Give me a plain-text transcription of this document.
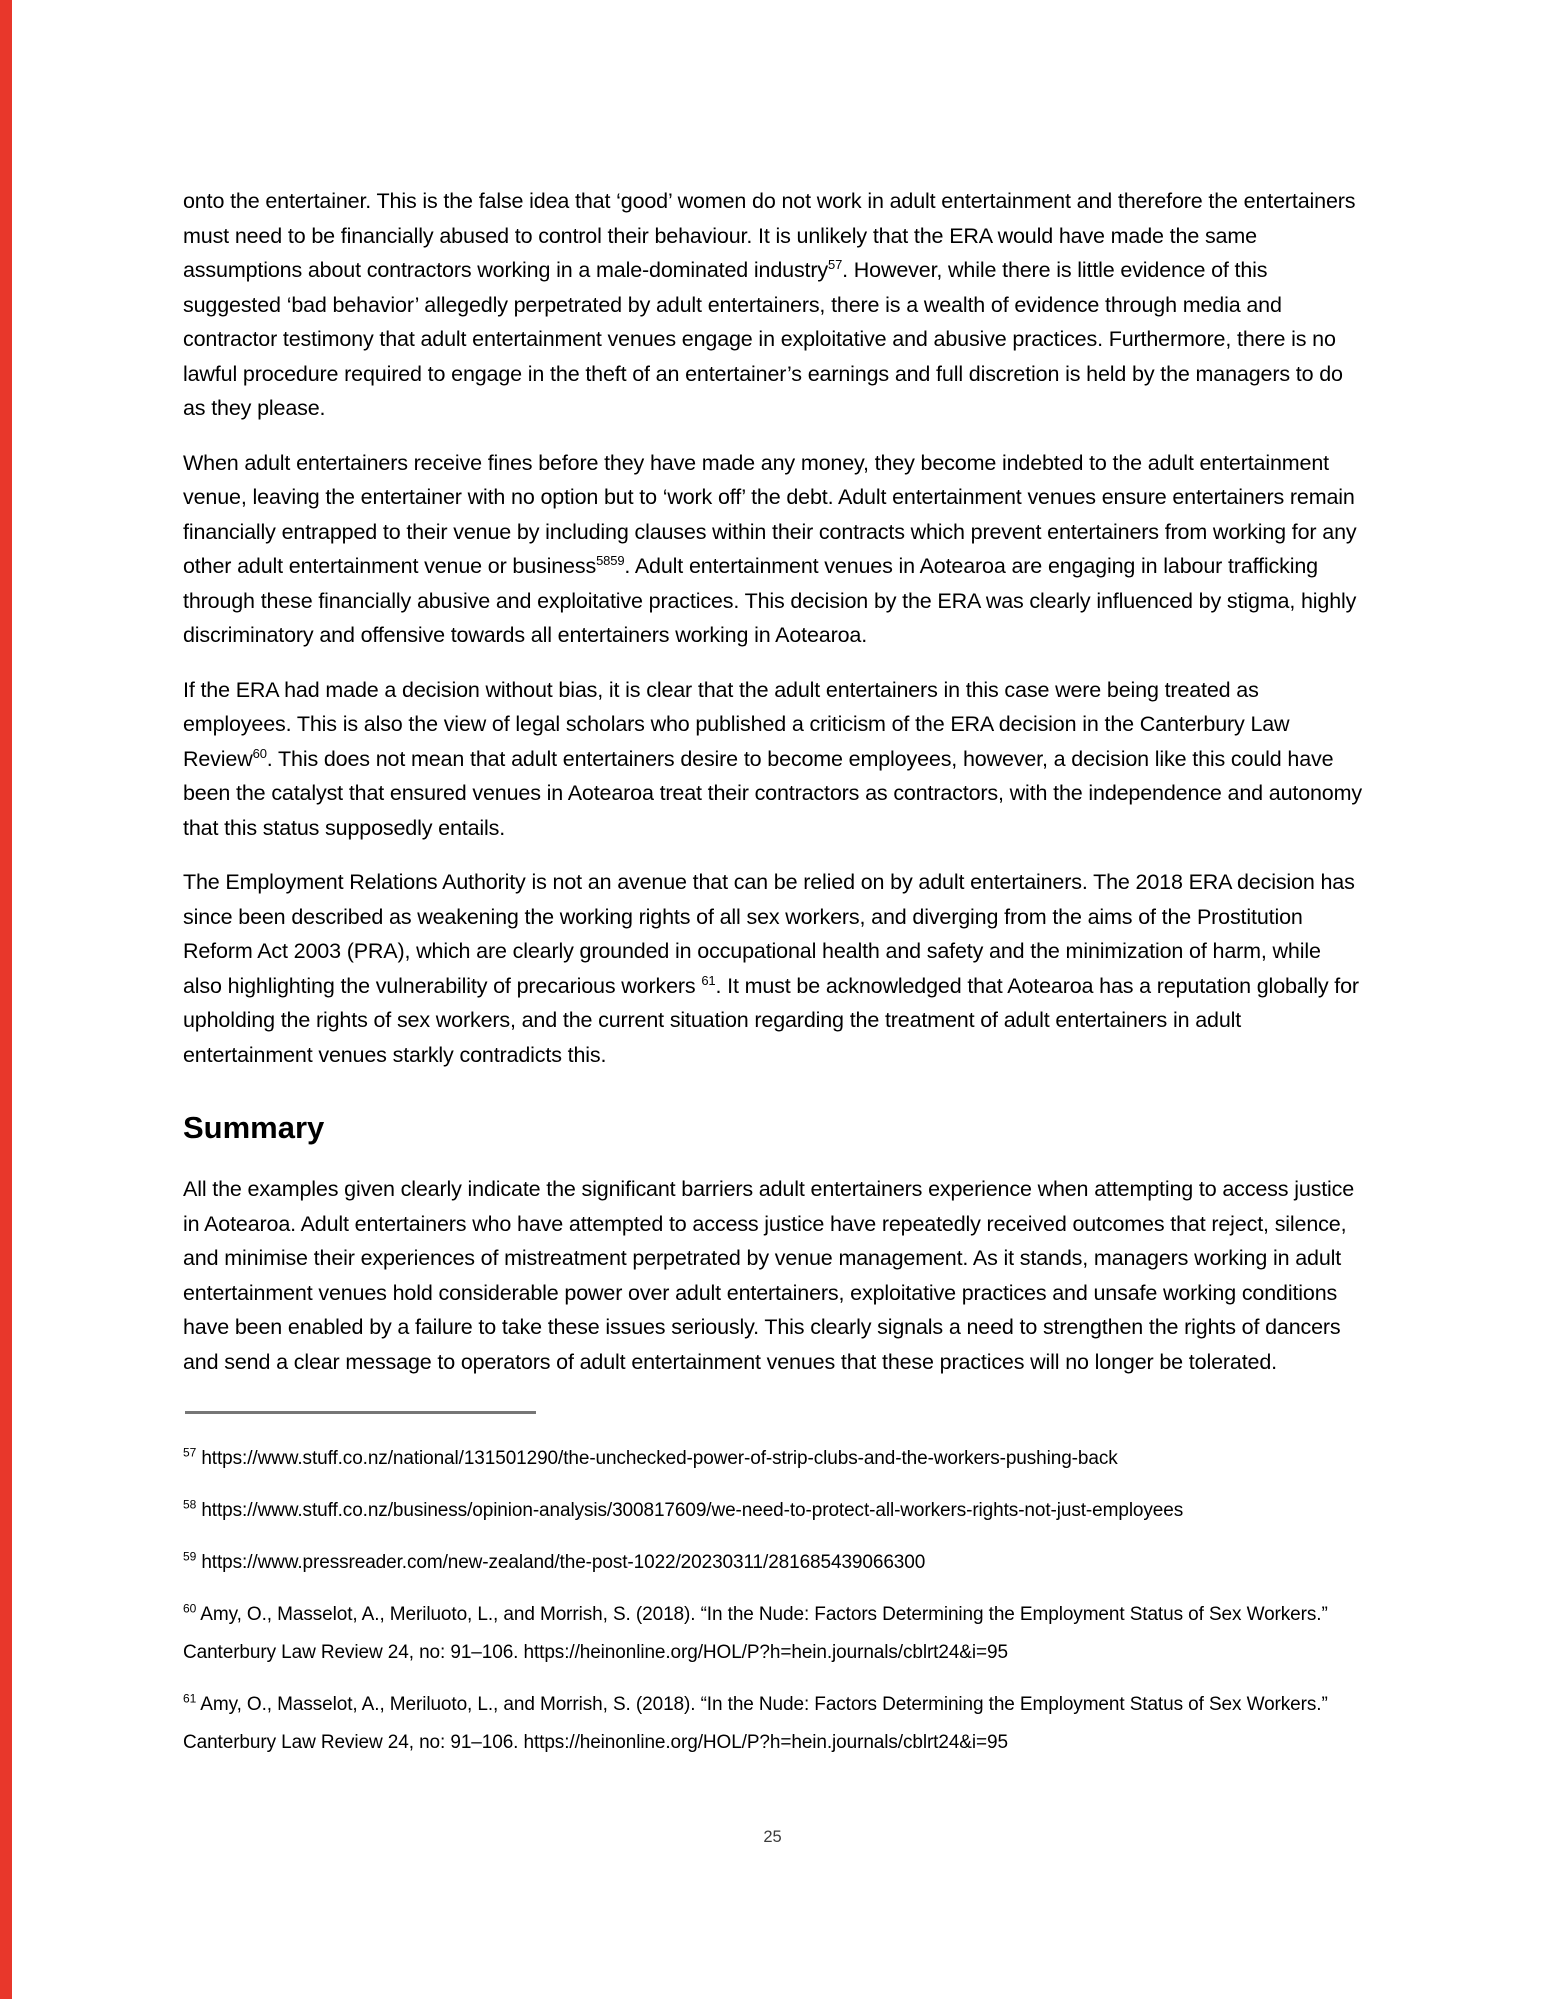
onto the entertainer. This is the false idea that ‘good’ women do not work in adult entertainment and therefore the entertainers must need to be financially abused to control their behaviour. It is unlikely that the ERA would have made the same assumptions about contractors working in a male-dominated industry$^{57}$. However, while there is little evidence of this suggested ‘bad behavior’ allegedly perpetrated by adult entertainers, there is a wealth of evidence through media and contractor testimony that adult entertainment venues engage in exploitative and abusive practices. Furthermore, there is no lawful procedure required to engage in the theft of an entertainer’s earnings and full discretion is held by the managers to do as they please.

When adult entertainers receive fines before they have made any money, they become indebted to the adult entertainment venue, leaving the entertainer with no option but to ‘work off’ the debt. Adult entertainment venues ensure entertainers remain financially entrapped to their venue by including clauses within their contracts which prevent entertainers from working for any other adult entertainment venue or business$^{5859}$. Adult entertainment venues in Aotearoa are engaging in labour trafficking through these financially abusive and exploitative practices. This decision by the ERA was clearly influenced by stigma, highly discriminatory and offensive towards all entertainers working in Aotearoa.

If the ERA had made a decision without bias, it is clear that the adult entertainers in this case were being treated as employees. This is also the view of legal scholars who published a criticism of the ERA decision in the Canterbury Law Review$^{60}$. This does not mean that adult entertainers desire to become employees, however, a decision like this could have been the catalyst that ensured venues in Aotearoa treat their contractors as contractors, with the independence and autonomy that this status supposedly entails.

The Employment Relations Authority is not an avenue that can be relied on by adult entertainers. The 2018 ERA decision has since been described as weakening the working rights of all sex workers, and diverging from the aims of the Prostitution Reform Act 2003 (PRA), which are clearly grounded in occupational health and safety and the minimization of harm, while also highlighting the vulnerability of precarious workers $^{61}$. It must be acknowledged that Aotearoa has a reputation globally for upholding the rights of sex workers, and the current situation regarding the treatment of adult entertainers in adult entertainment venues starkly contradicts this.

Summary

All the examples given clearly indicate the significant barriers adult entertainers experience when attempting to access justice in Aotearoa. Adult entertainers who have attempted to access justice have repeatedly received outcomes that reject, silence, and minimise their experiences of mistreatment perpetrated by venue management. As it stands, managers working in adult entertainment venues hold considerable power over adult entertainers, exploitative practices and unsafe working conditions have been enabled by a failure to take these issues seriously. This clearly signals a need to strengthen the rights of dancers and send a clear message to operators of adult entertainment venues that these practices will no longer be tolerated.

$^{57}$ https://www.stuff.co.nz/national/131501290/the-unchecked-power-of-strip-clubs-and-the-workers-pushing-back
$^{58}$ https://www.stuff.co.nz/business/opinion-analysis/300817609/we-need-to-protect-all-workers-rights-not-just-employees
$^{59}$ https://www.pressreader.com/new-zealand/the-post-1022/20230311/281685439066300
$^{60}$ Amy, O., Masselot, A., Meriluoto, L., and Morrish, S. (2018). “In the Nude: Factors Determining the Employment Status of Sex Workers.” Canterbury Law Review 24, no: 91–106. https://heinonline.org/HOL/P?h=hein.journals/cblrt24&i=95
$^{61}$ Amy, O., Masselot, A., Meriluoto, L., and Morrish, S. (2018). “In the Nude: Factors Determining the Employment Status of Sex Workers.” Canterbury Law Review 24, no: 91–106. https://heinonline.org/HOL/P?h=hein.journals/cblrt24&i=95
25
